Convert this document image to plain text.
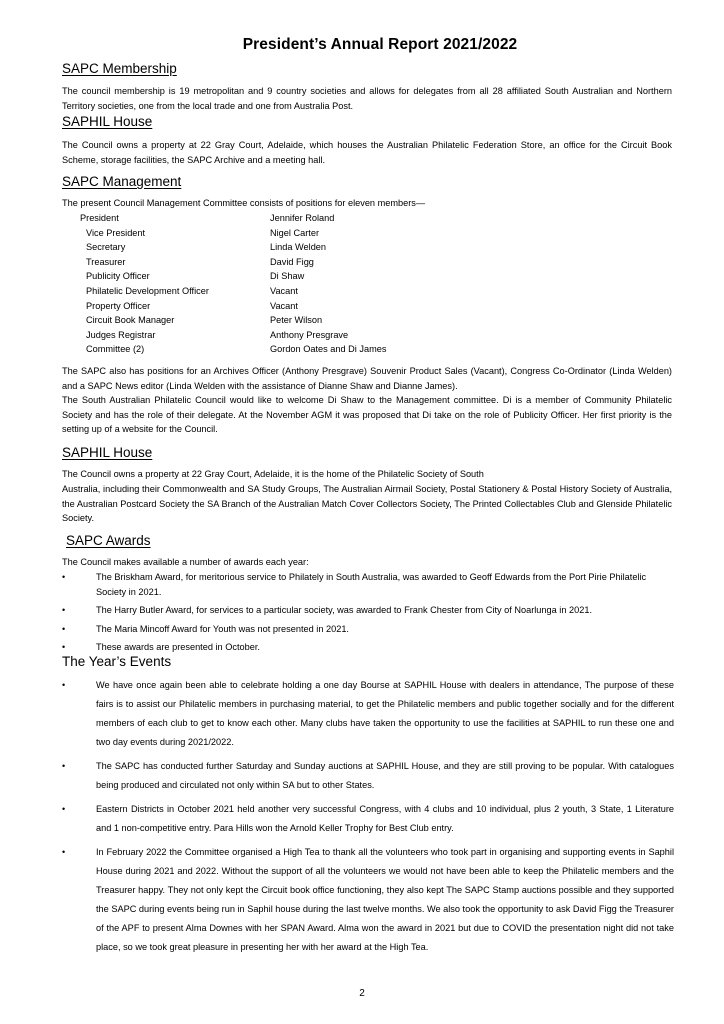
President’s Annual Report 2021/2022
SAPC Membership
The council membership is 19 metropolitan and 9 country societies and allows for delegates from all 28 affiliated South Australian and Northern Territory societies, one from the local trade and one from Australia Post.
SAPHIL House
The Council owns a property at 22 Gray Court, Adelaide, which houses the Australian Philatelic Federation Store, an office for the Circuit Book Scheme, storage facilities, the SAPC Archive and a meeting hall.
SAPC Management
The present Council Management Committee consists of positions for eleven members—
President	Jennifer Roland
Vice President	Nigel Carter
Secretary	Linda Welden
Treasurer	David Figg
Publicity Officer	Di Shaw
Philatelic Development Officer	Vacant
Property Officer	Vacant
Circuit Book Manager	Peter Wilson
Judges Registrar	Anthony Presgrave
Committee (2)	Gordon Oates and Di James
The SAPC also has positions for an Archives Officer (Anthony Presgrave) Souvenir Product Sales (Vacant), Congress Co-Ordinator (Linda Welden) and a SAPC News editor (Linda Welden with the assistance of Dianne Shaw and Dianne James).
The South Australian Philatelic Council would like to welcome Di Shaw to the Management committee. Di is a member of Community Philatelic Society and has the role of their delegate. At the November AGM it was proposed that Di take on the role of Publicity Officer. Her first priority is the setting up of a website for the Council.
SAPHIL House
The Council owns a property at 22 Gray Court, Adelaide, it is the home of the Philatelic Society of South
Australia, including their Commonwealth and SA Study Groups, The Australian Airmail Society, Postal Stationery & Postal History Society of Australia, the Australian Postcard Society the SA Branch of the Australian Match Cover Collectors Society, The Printed Collectables Club and Glenside Philatelic Society.
SAPC Awards
The Council makes available a number of awards each year:
•	The Briskham Award, for meritorious service to Philately in South Australia, was awarded to Geoff Edwards from the Port Pirie Philatelic Society in 2021.
•	The Harry Butler Award, for services to a particular society, was awarded to Frank Chester from City of Noarlunga in 2021.
•	The Maria Mincoff Award for Youth was not presented in 2021.
•	These awards are presented in October.
The Year’s Events
•	We have once again been able to celebrate holding a one day Bourse at SAPHIL House with dealers in attendance, The purpose of these fairs is to assist our Philatelic members in purchasing material, to get the Philatelic members and public together socially and for the different members of each club to get to know each other. Many clubs have taken the opportunity to use the facilities at SAPHIL to run these one and two day events during 2021/2022.
•	The SAPC has conducted further Saturday and Sunday auctions at SAPHIL House, and they are still proving to be popular. With catalogues being produced and circulated not only within SA but to other States.
•	Eastern Districts in October 2021 held another very successful Congress, with 4 clubs and 10 individual, plus 2 youth, 3 State, 1 Literature and 1 non-competitive entry. Para Hills won the Arnold Keller Trophy for Best Club entry.
•	In February 2022 the Committee organised a High Tea to thank all the volunteers who took part in organising and supporting events in Saphil House during 2021 and 2022. Without the support of all the volunteers we would not have been able to keep the Philatelic members and the Treasurer happy. They not only kept the Circuit book office functioning, they also kept The SAPC Stamp auctions possible and they supported the SAPC during events being run in Saphil house during the last twelve months. We also took the opportunity to ask David Figg the Treasurer of the APF to present Alma Downes with her SPAN Award. Alma won the award in 2021 but due to COVID the presentation night did not take place, so we took great pleasure in presenting her with her award at the High Tea.
2
